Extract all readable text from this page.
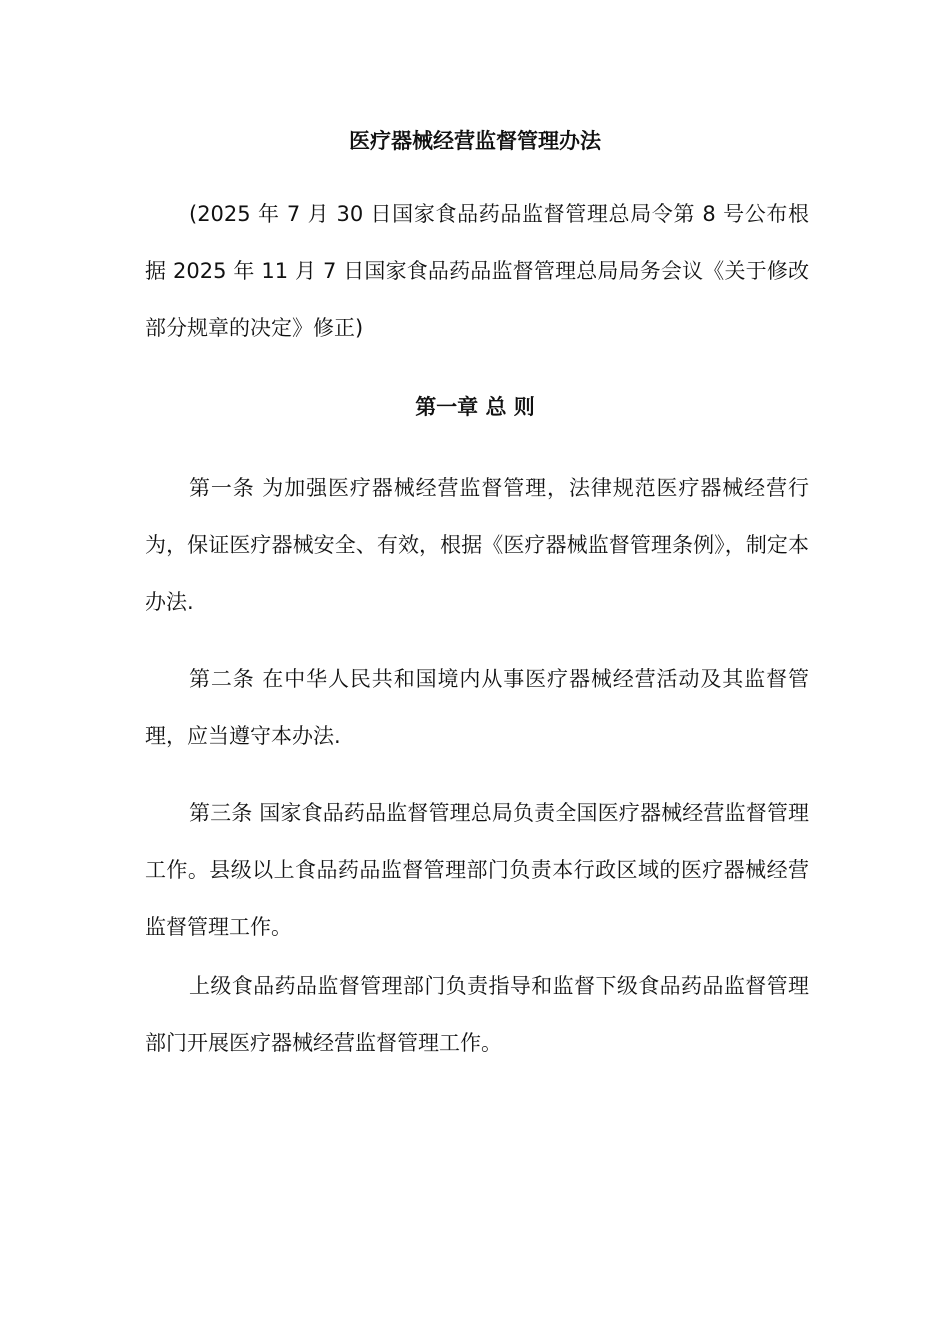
医疗器械经营监督管理办法

(2025 年 7 月 30 日国家食品药品监督管理总局令第 8 号公布根据 2025 年 11 月 7 日国家食品药品监督管理总局局务会议《关于修改部分规章的决定》修正)

第一章 总 则

第一条 为加强医疗器械经营监督管理，法律规范医疗器械经营行为，保证医疗器械安全、有效，根据《医疗器械监督管理条例》，制定本办法.

第二条 在中华人民共和国境内从事医疗器械经营活动及其监督管理，应当遵守本办法.

第三条 国家食品药品监督管理总局负责全国医疗器械经营监督管理工作。县级以上食品药品监督管理部门负责本行政区域的医疗器械经营监督管理工作。

上级食品药品监督管理部门负责指导和监督下级食品药品监督管理部门开展医疗器械经营监督管理工作。
